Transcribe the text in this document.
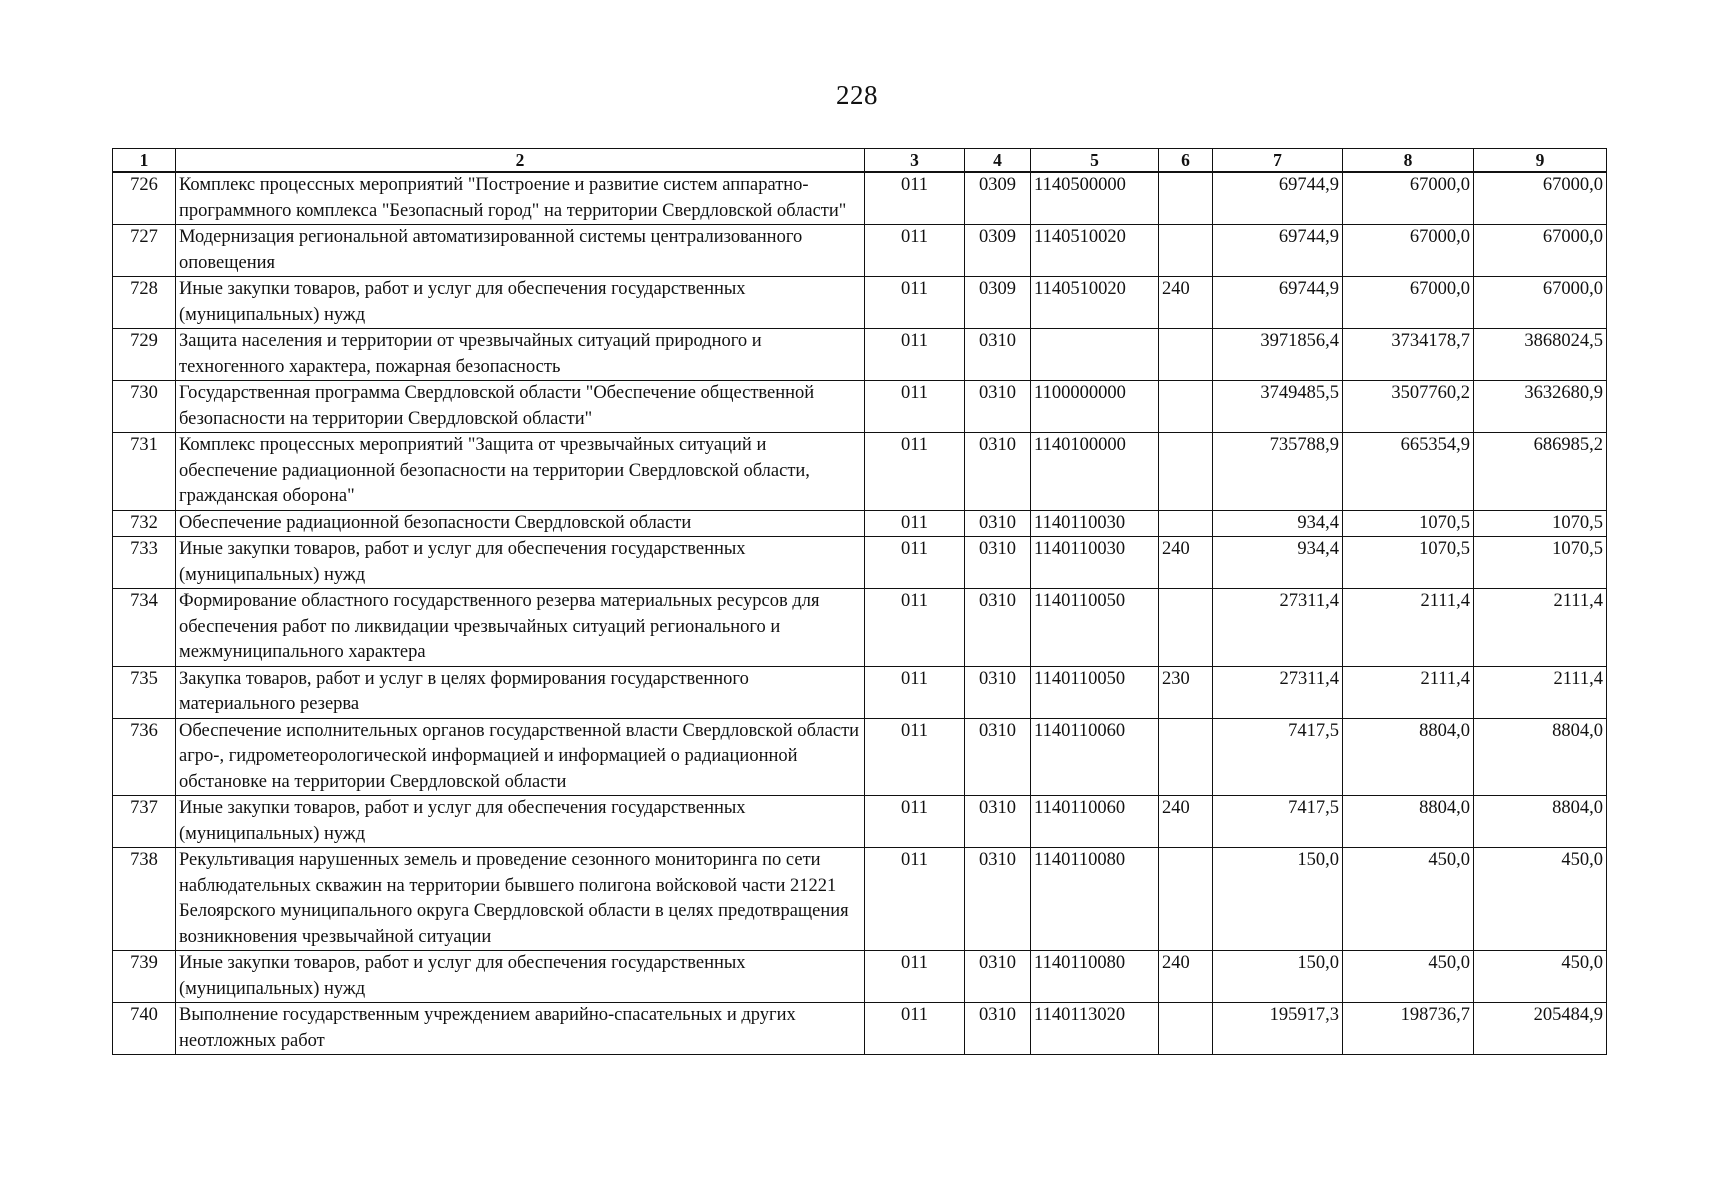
228
1	2	3	4	5	6	7	8	9
726	Комплекс процессных мероприятий "Построение и развитие систем аппаратно-программного комплекса "Безопасный город" на территории Свердловской области"	011	0309	1140500000		69744,9	67000,0	67000,0
727	Модернизация региональной автоматизированной системы централизованного оповещения	011	0309	1140510020		69744,9	67000,0	67000,0
728	Иные закупки товаров, работ и услуг для обеспечения государственных (муниципальных) нужд	011	0309	1140510020	240	69744,9	67000,0	67000,0
729	Защита населения и территории от чрезвычайных ситуаций природного и техногенного характера, пожарная безопасность	011	0310			3971856,4	3734178,7	3868024,5
730	Государственная программа Свердловской области "Обеспечение общественной безопасности на территории Свердловской области"	011	0310	1100000000		3749485,5	3507760,2	3632680,9
731	Комплекс процессных мероприятий "Защита от чрезвычайных ситуаций и обеспечение радиационной безопасности на территории Свердловской области, гражданская оборона"	011	0310	1140100000		735788,9	665354,9	686985,2
732	Обеспечение радиационной безопасности Свердловской области	011	0310	1140110030		934,4	1070,5	1070,5
733	Иные закупки товаров, работ и услуг для обеспечения государственных (муниципальных) нужд	011	0310	1140110030	240	934,4	1070,5	1070,5
734	Формирование областного государственного резерва материальных ресурсов для обеспечения работ по ликвидации чрезвычайных ситуаций регионального и межмуниципального характера	011	0310	1140110050		27311,4	2111,4	2111,4
735	Закупка товаров, работ и услуг в целях формирования государственного материального резерва	011	0310	1140110050	230	27311,4	2111,4	2111,4
736	Обеспечение исполнительных органов государственной власти Свердловской области агро-, гидрометеорологической информацией и информацией о радиационной обстановке на территории Свердловской области	011	0310	1140110060		7417,5	8804,0	8804,0
737	Иные закупки товаров, работ и услуг для обеспечения государственных (муниципальных) нужд	011	0310	1140110060	240	7417,5	8804,0	8804,0
738	Рекультивация нарушенных земель и проведение сезонного мониторинга по сети наблюдательных скважин на территории бывшего полигона войсковой части 21221 Белоярского муниципального округа Свердловской области в целях предотвращения возникновения чрезвычайной ситуации	011	0310	1140110080		150,0	450,0	450,0
739	Иные закупки товаров, работ и услуг для обеспечения государственных (муниципальных) нужд	011	0310	1140110080	240	150,0	450,0	450,0
740	Выполнение государственным учреждением аварийно-спасательных и других неотложных работ	011	0310	1140113020		195917,3	198736,7	205484,9
